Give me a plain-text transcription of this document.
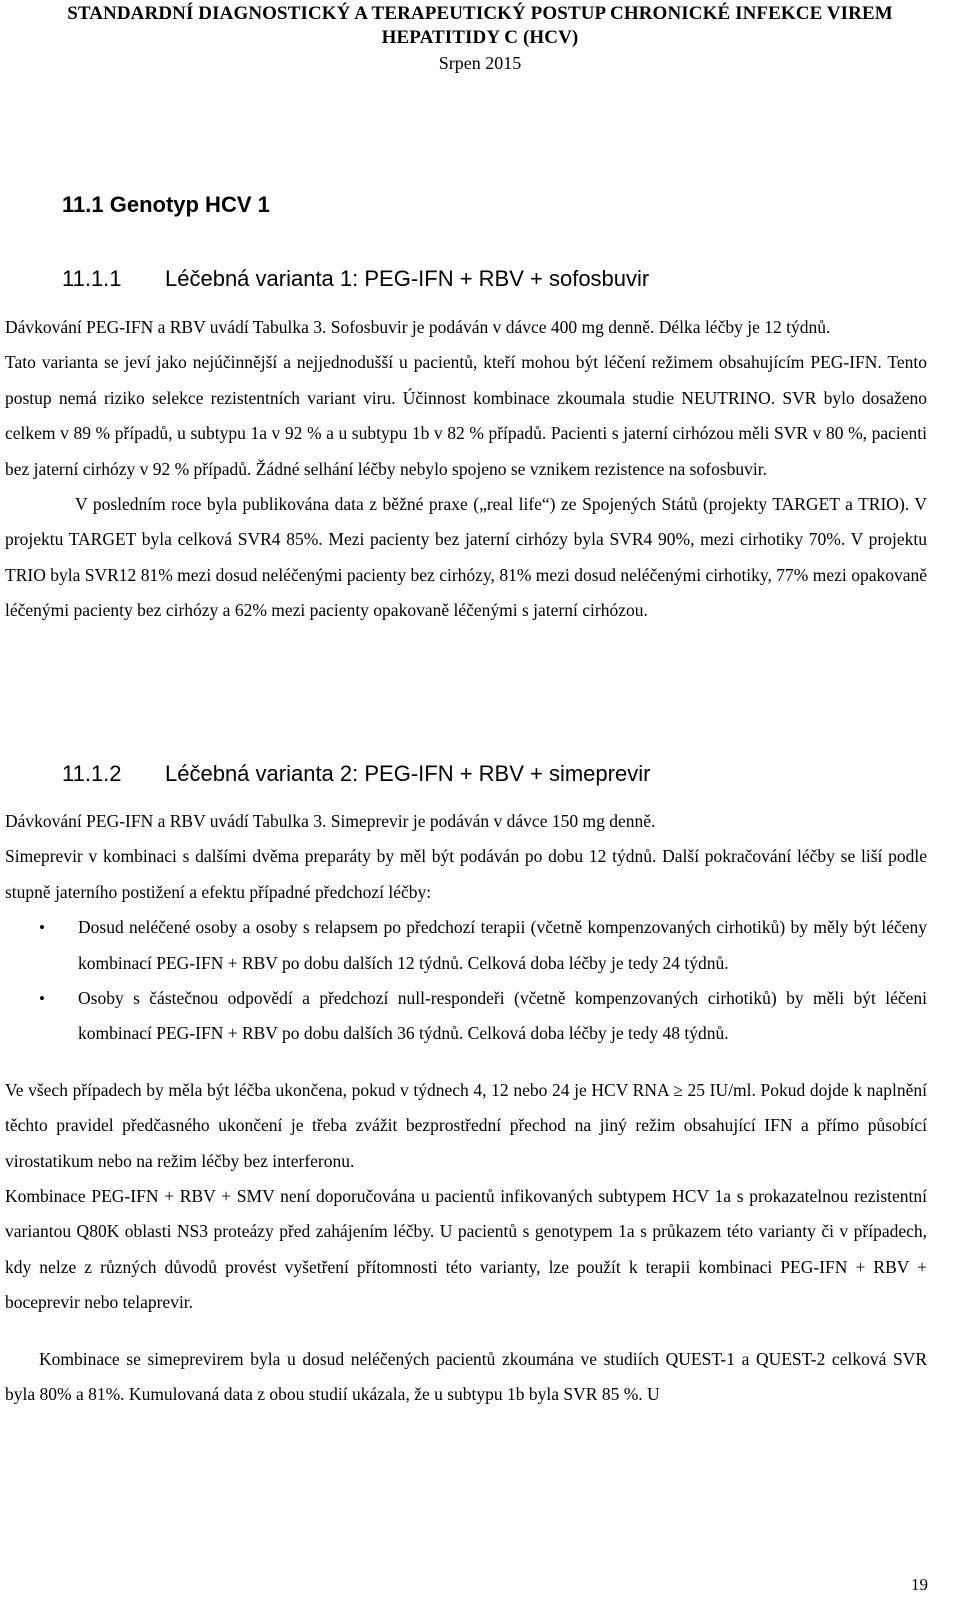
STANDARDNÍ DIAGNOSTICKÝ A TERAPEUTICKÝ POSTUP CHRONICKÉ INFEKCE VIREM
HEPATITIDY C (HCV)
Srpen 2015
11.1 Genotyp HCV 1
11.1.1 Léčebná varianta 1: PEG-IFN + RBV + sofosbuvir

Dávkování PEG-IFN a RBV uvádí Tabulka 3. Sofosbuvir je podáván v dávce 400 mg denně. Délka léčby je 12 týdnů.

Tato varianta se jeví jako nejúčinnější a nejjednodušší u pacientů, kteří mohou být léčení režimem obsahujícím PEG-IFN. Tento postup nemá riziko selekce rezistentních variant viru. Účinnost kombinace zkoumala studie NEUTRINO. SVR bylo dosaženo celkem v 89 % případů, u subtypu 1a v 92 % a u subtypu 1b v 82 % případů. Pacienti s jaterní cirhózou měli SVR v 80 %, pacienti bez jaterní cirhózy v 92 % případů. Žádné selhání léčby nebylo spojeno se vznikem rezistence na sofosbuvir.

V posledním roce byla publikována data z běžné praxe („real life“) ze Spojených Států (projekty TARGET a TRIO). V projektu TARGET byla celková SVR4 85%. Mezi pacienty bez jaterní cirhózy byla SVR4 90%, mezi cirhotiky 70%. V projektu TRIO byla SVR12 81% mezi dosud neléčenými pacienty bez cirhózy, 81% mezi dosud neléčenými cirhotiky, 77% mezi opakovaně léčenými pacienty bez cirhózy a 62% mezi pacienty opakovaně léčenými s jaterní cirhózou.

11.1.2 Léčebná varianta 2: PEG-IFN + RBV + simeprevir

Dávkování PEG-IFN a RBV uvádí Tabulka 3. Simeprevir je podáván v dávce 150 mg denně.

Simeprevir v kombinaci s dalšími dvěma preparáty by měl být podáván po dobu 12 týdnů. Další pokračování léčby se liší podle stupně jaterního postižení a efektu případné předchozí léčby:

• Dosud neléčené osoby a osoby s relapsem po předchozí terapii (včetně kompenzovaných cirhotiků) by měly být léčeny kombinací PEG-IFN + RBV po dobu dalších 12 týdnů. Celková doba léčby je tedy 24 týdnů.
• Osoby s částečnou odpovědí a předchozí null-respondeři (včetně kompenzovaných cirhotiků) by měli být léčeni kombinací PEG-IFN + RBV po dobu dalších 36 týdnů. Celková doba léčby je tedy 48 týdnů.

Ve všech případech by měla být léčba ukončena, pokud v týdnech 4, 12 nebo 24 je HCV RNA ≥ 25 IU/ml. Pokud dojde k naplnění těchto pravidel předčasného ukončení je třeba zvážit bezprostřední přechod na jiný režim obsahující IFN a přímo působící virostatikum nebo na režim léčby bez interferonu.

Kombinace PEG-IFN + RBV + SMV není doporučována u pacientů infikovaných subtypem HCV 1a s prokazatelnou rezistentní variantou Q80K oblasti NS3 proteázy před zahájením léčby. U pacientů s genotypem 1a s průkazem této varianty či v případech, kdy nelze z různých důvodů provést vyšetření přítomnosti této varianty, lze použít k terapii kombinaci PEG-IFN + RBV + boceprevir nebo telaprevir.

Kombinace se simeprevirem byla u dosud neléčených pacientů zkoumána ve studiích QUEST-1 a QUEST-2 celková SVR byla 80% a 81%. Kumulovaná data z obou studií ukázala, že u subtypu 1b byla SVR 85 %. U

19
